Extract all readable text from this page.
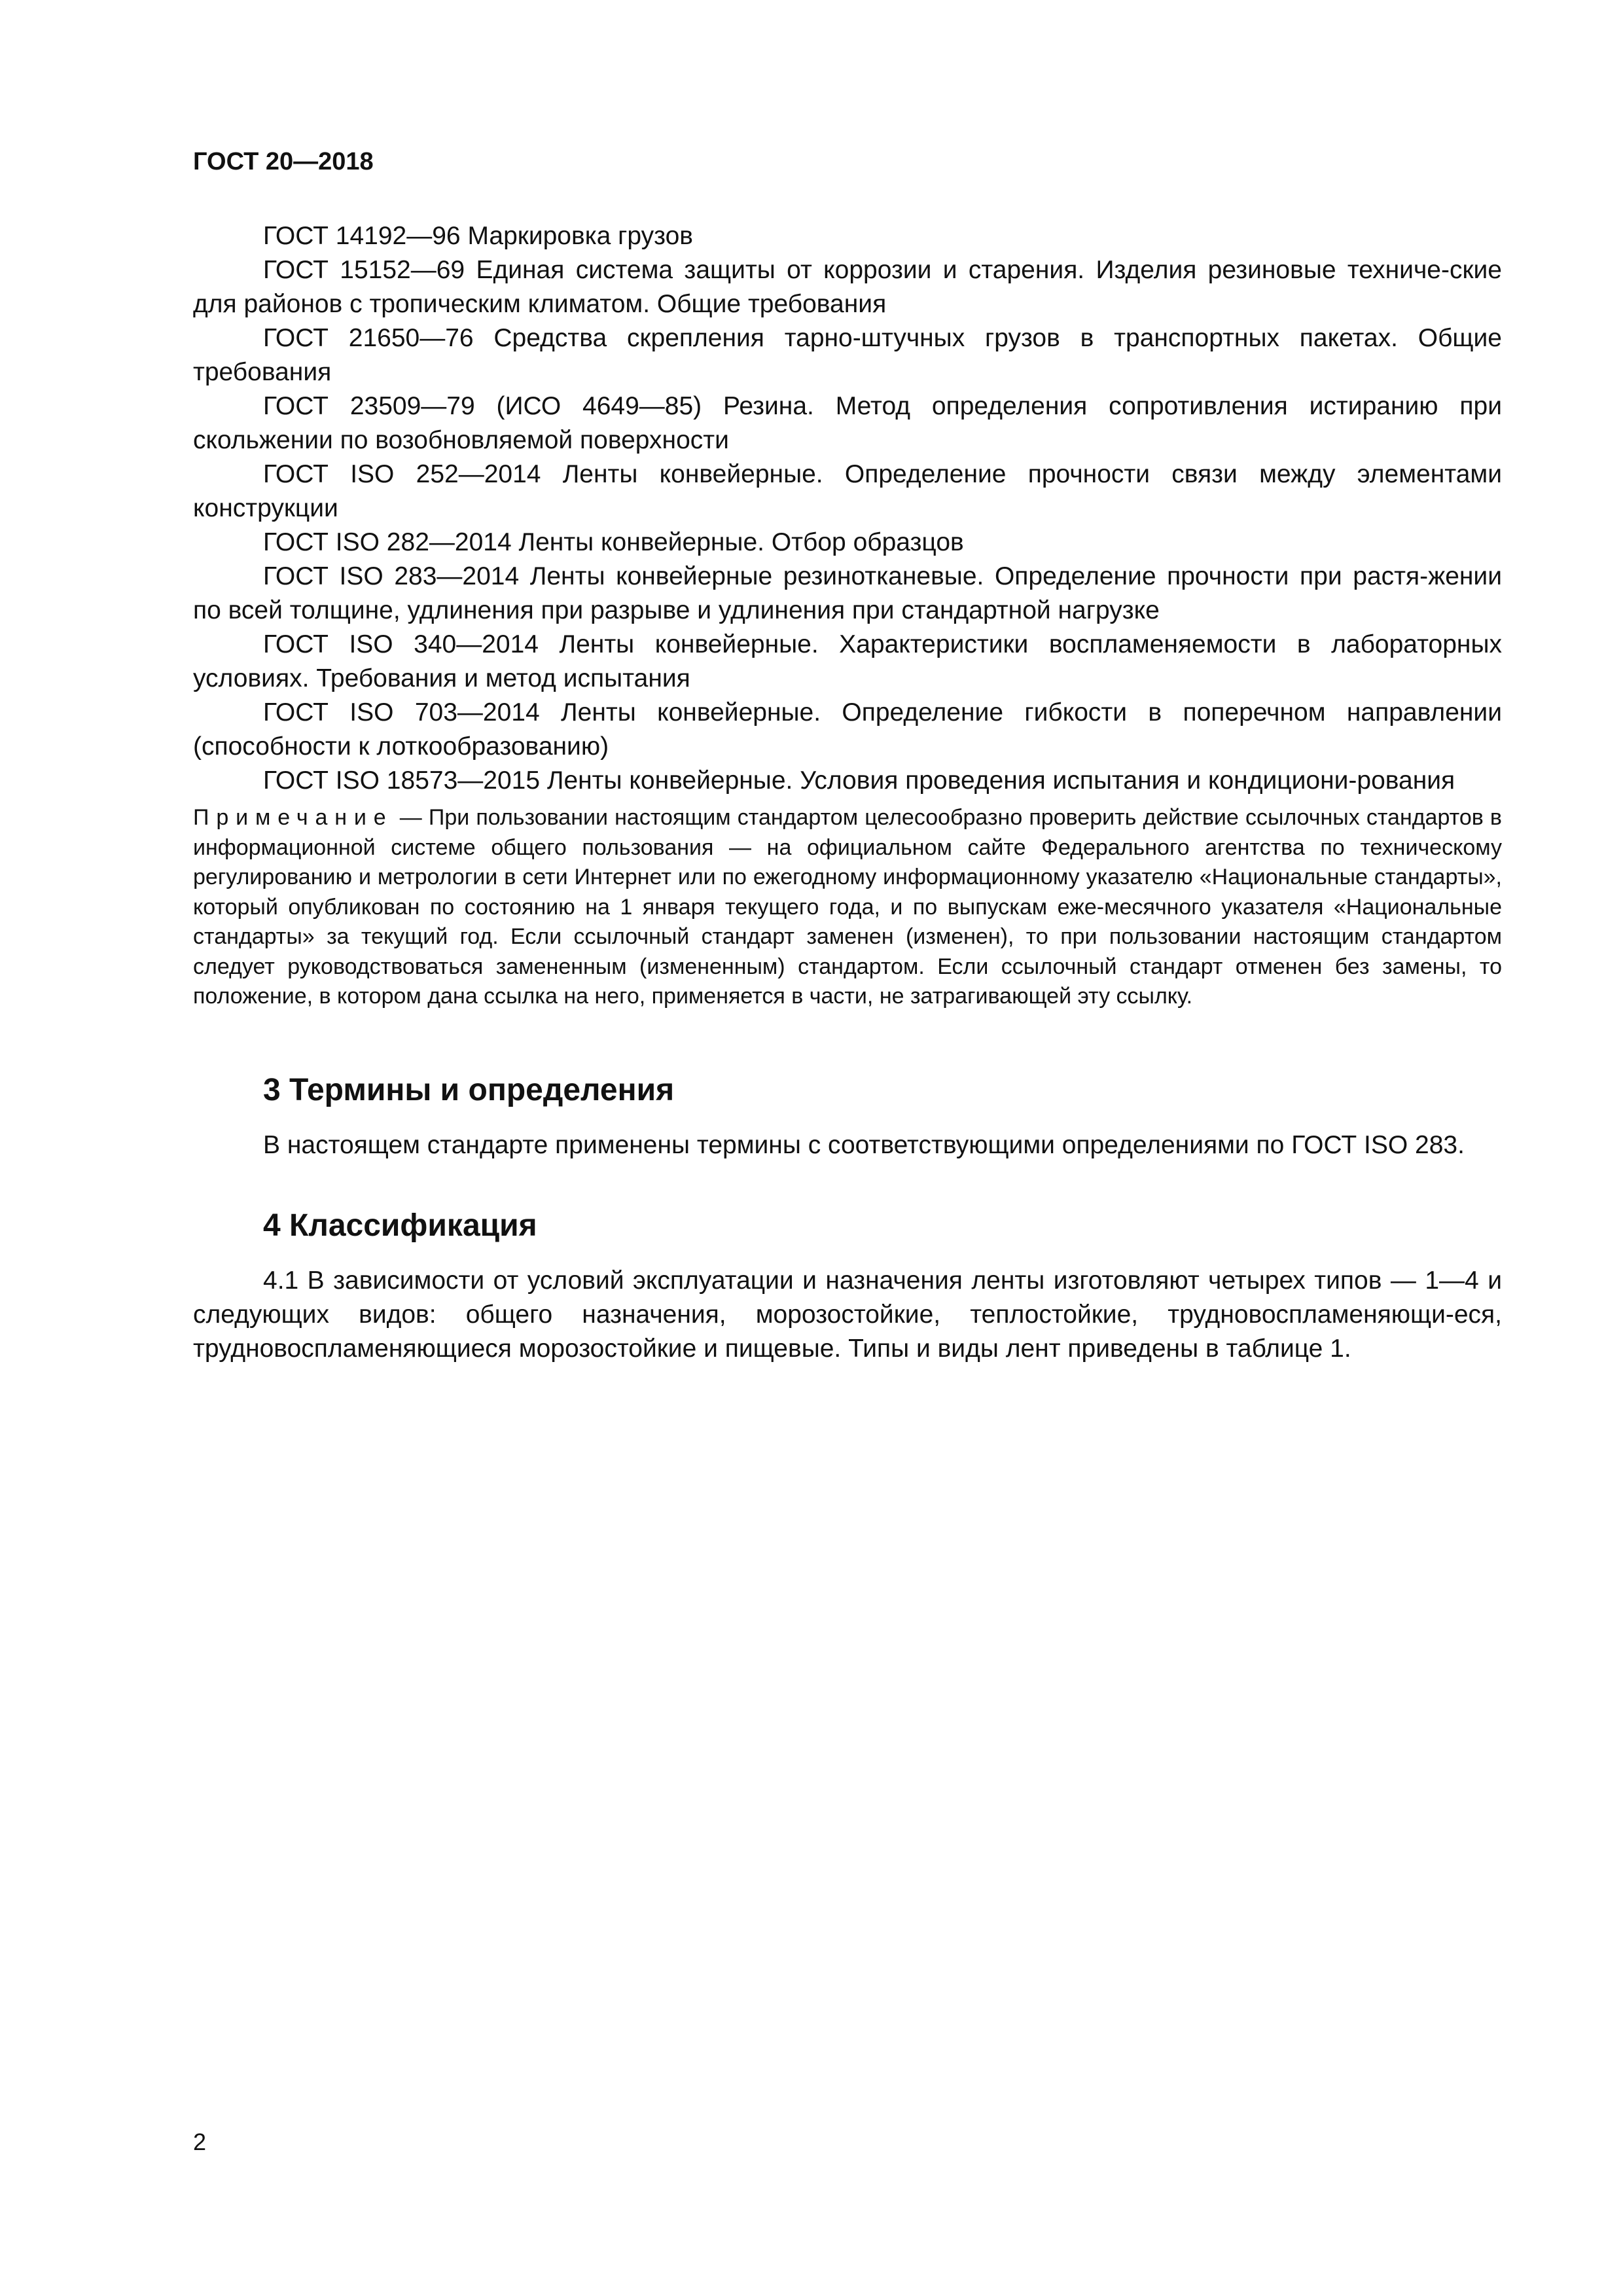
ГОСТ 20—2018

ГОСТ 14192—96 Маркировка грузов

ГОСТ 15152—69 Единая система защиты от коррозии и старения. Изделия резиновые техниче-ские для районов с тропическим климатом. Общие требования

ГОСТ 21650—76 Средства скрепления тарно-штучных грузов в транспортных пакетах. Общие требования

ГОСТ 23509—79 (ИСО 4649—85) Резина. Метод определения сопротивления истиранию при скольжении по возобновляемой поверхности

ГОСТ ISO 252—2014 Ленты конвейерные. Определение прочности связи между элементами конструкции

ГОСТ ISO 282—2014 Ленты конвейерные. Отбор образцов

ГОСТ ISO 283—2014 Ленты конвейерные резинотканевые. Определение прочности при растя-жении по всей толщине, удлинения при разрыве и удлинения при стандартной нагрузке

ГОСТ ISO 340—2014 Ленты конвейерные. Характеристики воспламеняемости в лабораторных условиях. Требования и метод испытания

ГОСТ ISO 703—2014 Ленты конвейерные. Определение гибкости в поперечном направлении (способности к лоткообразованию)

ГОСТ ISO 18573—2015 Ленты конвейерные. Условия проведения испытания и кондициони-рования

Примечание — При пользовании настоящим стандартом целесообразно проверить действие ссылочных стандартов в информационной системе общего пользования — на официальном сайте Федерального агентства по техническому регулированию и метрологии в сети Интернет или по ежегодному информационному указателю «Национальные стандарты», который опубликован по состоянию на 1 января текущего года, и по выпускам еже-месячного указателя «Национальные стандарты» за текущий год. Если ссылочный стандарт заменен (изменен), то при пользовании настоящим стандартом следует руководствоваться замененным (измененным) стандартом. Если ссылочный стандарт отменен без замены, то положение, в котором дана ссылка на него, применяется в части, не затрагивающей эту ссылку.

3 Термины и определения

В настоящем стандарте применены термины с соответствующими определениями по ГОСТ ISO 283.

4 Классификация

4.1 В зависимости от условий эксплуатации и назначения ленты изготовляют четырех типов — 1—4 и следующих видов: общего назначения, морозостойкие, теплостойкие, трудновоспламеняющи-еся, трудновоспламеняющиеся морозостойкие и пищевые. Типы и виды лент приведены в таблице 1.

2
